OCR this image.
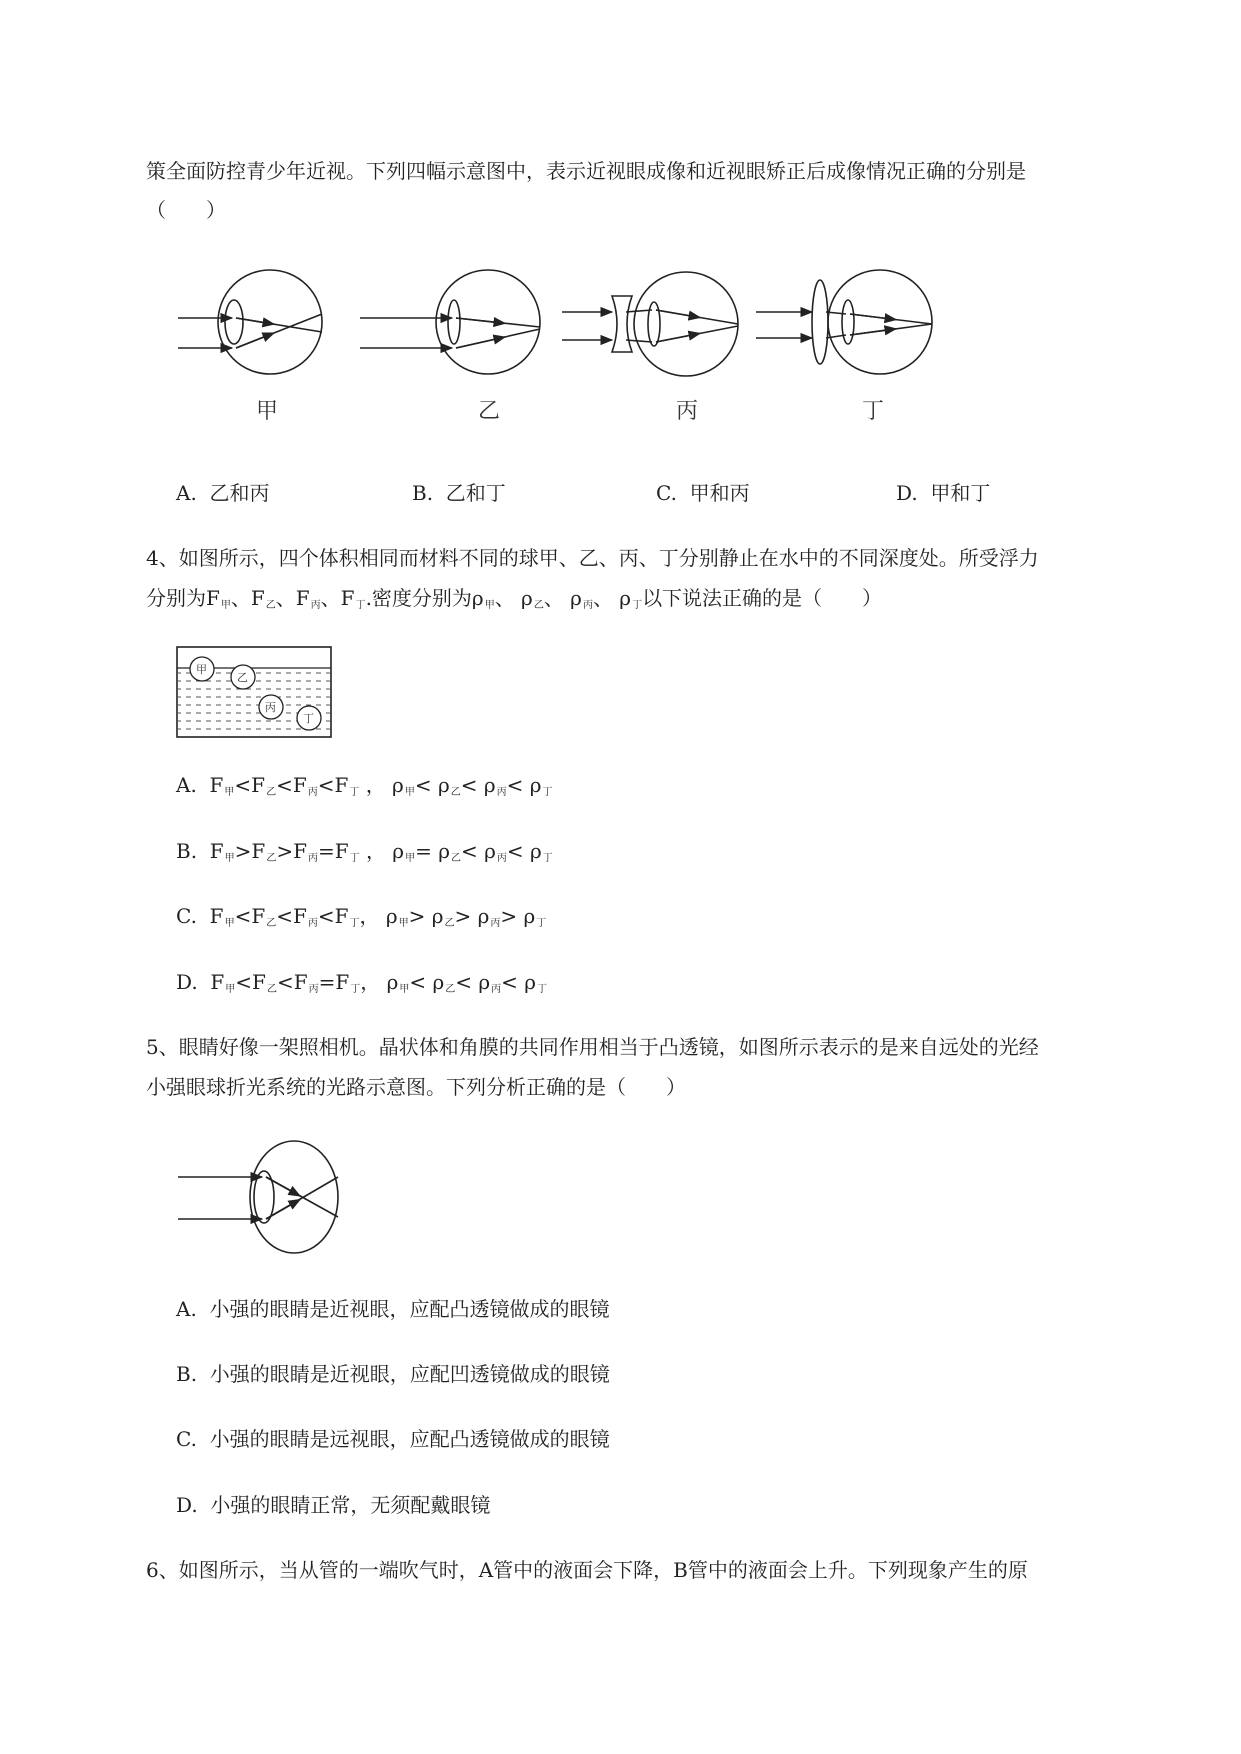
策全面防控青少年近视。下列四幅示意图中，表示近视眼成像和近视眼矫正后成像情况正确的分别是
（　　）
甲	乙	丙	丁
A. 乙和丙	B. 乙和丁	C. 甲和丙	D. 甲和丁
4、如图所示，四个体积相同而材料不同的球甲、乙、丙、丁分别静止在水中的不同深度处。所受浮力
分别为$F_甲$、$F_乙$、$F_丙$、$F_丁$.密度分别为$\rho_甲$、 $\rho_乙$、 $\rho_丙$、 $\rho_丁$以下说法正确的是（　　）
甲
乙
丙
丁
A. $F_甲<F_乙<F_丙<F_丁$ ， $\rho_甲< \rho_乙< \rho_丙< \rho_丁$
B. $F_甲>F_乙>F_丙=F_丁$ ， $\rho_甲= \rho_乙< \rho_丙< \rho_丁$
C. $F_甲<F_乙<F_丙<F_丁$， $\rho_甲> \rho_乙> \rho_丙> \rho_丁$
D. $F_甲<F_乙<F_丙=F_丁$， $\rho_甲< \rho_乙< \rho_丙< \rho_丁$
5、眼睛好像一架照相机。晶状体和角膜的共同作用相当于凸透镜，如图所示表示的是来自远处的光经
小强眼球折光系统的光路示意图。下列分析正确的是（　　）
A. 小强的眼睛是近视眼，应配凸透镜做成的眼镜
B. 小强的眼睛是近视眼，应配凹透镜做成的眼镜
C. 小强的眼睛是远视眼，应配凸透镜做成的眼镜
D. 小强的眼睛正常，无须配戴眼镜
6、如图所示，当从管的一端吹气时，A管中的液面会下降，B管中的液面会上升。下列现象产生的原
